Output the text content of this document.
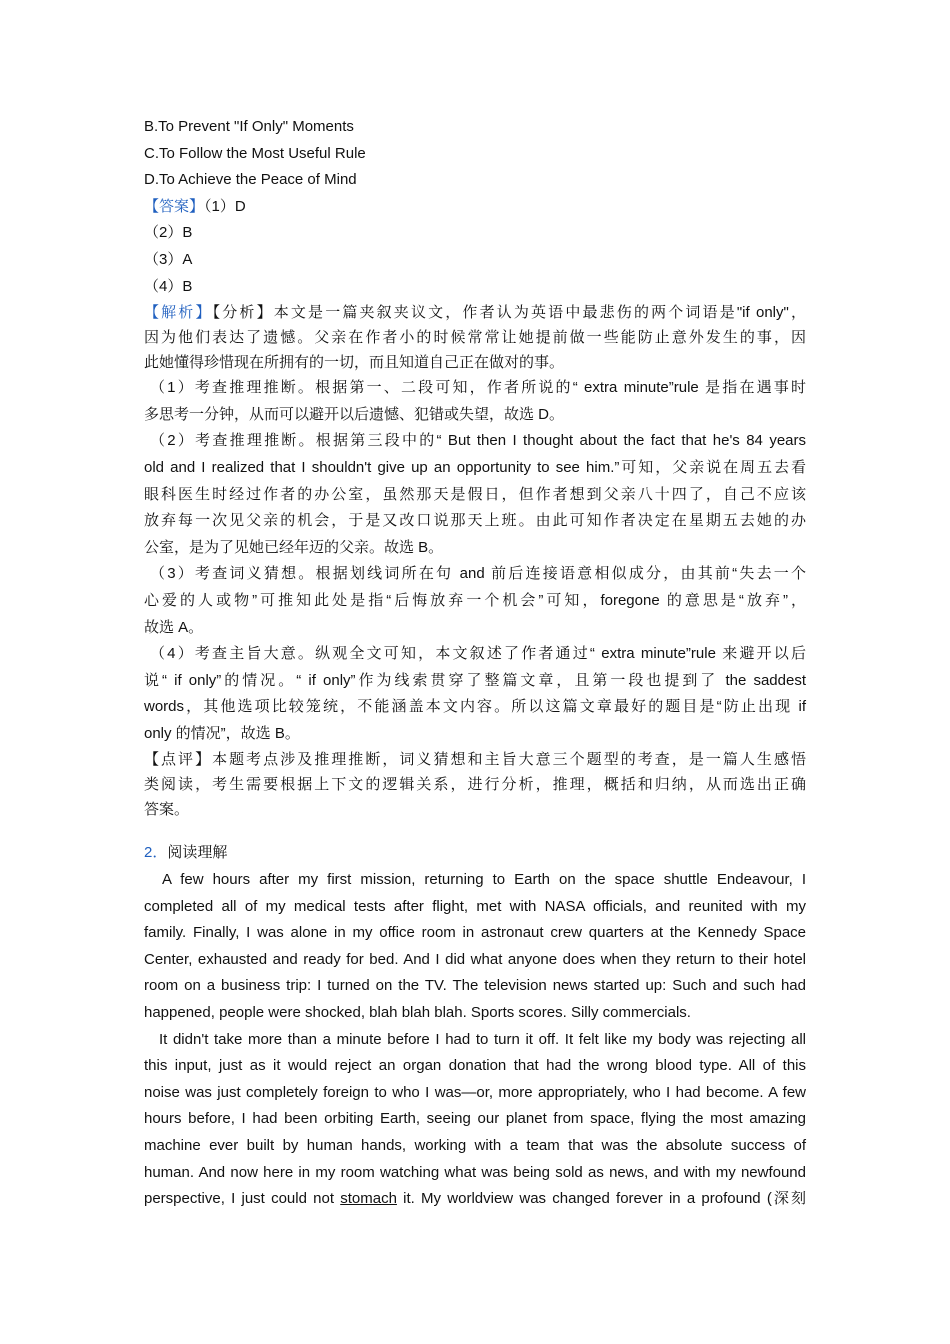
B.To Prevent "If Only" Moments
C.To Follow the Most Useful Rule
D.To Achieve the Peace of Mind
【答案】（1）D
（2）B
（3）A
（4）B
【解析】【分析】本文是一篇夹叙夹议文，作者认为英语中最悲伤的两个词语是"if only"，
因为他们表达了遗憾。父亲在作者小的时候常常让她提前做一些能防止意外发生的事，因
此她懂得珍惜现在所拥有的一切，而且知道自己正在做对的事。
（1）考查推理推断。根据第一、二段可知，作者所说的“ extra minute”rule 是指在遇事时
多思考一分钟，从而可以避开以后遗憾、犯错或失望，故选 D。
（2）考查推理推断。根据第三段中的“ But then I thought about the fact that he's 84 years
old and I realized that I shouldn't give up an opportunity to see him.”可知，父亲说在周五去看
眼科医生时经过作者的办公室，虽然那天是假日，但作者想到父亲八十四了，自己不应该
放弃每一次见父亲的机会，于是又改口说那天上班。由此可知作者决定在星期五去她的办
公室，是为了见她已经年迈的父亲。故选 B。
（3）考查词义猜想。根据划线词所在句 and 前后连接语意相似成分，由其前“失去一个
心爱的人或物”可推知此处是指“后悔放弃一个机会”可知，foregone 的意思是“放弃”，
故选 A。
（4）考查主旨大意。纵观全文可知，本文叙述了作者通过“ extra minute”rule 来避开以后
说“ if only”的情况。“ if only”作为线索贯穿了整篇文章，且第一段也提到了 the saddest
words，其他选项比较笼统，不能涵盖本文内容。所以这篇文章最好的题目是“防止出现 if
only 的情况”，故选 B。
【点评】本题考点涉及推理推断，词义猜想和主旨大意三个题型的考查，是一篇人生感悟
类阅读，考生需要根据上下文的逻辑关系，进行分析，推理，概括和归纳，从而选出正确
答案。
2．阅读理解
A few hours after my first mission, returning to Earth on the space shuttle Endeavour, I
completed all of my medical tests after flight, met with NASA officials, and reunited with my
family. Finally, I was alone in my office room in astronaut crew quarters at the Kennedy Space
Center, exhausted and ready for bed. And I did what anyone does when they return to their hotel
room on a business trip: I turned on the TV. The television news started up: Such and such had
happened, people were shocked, blah blah blah. Sports scores. Silly commercials.
It didn't take more than a minute before I had to turn it off. It felt like my body was rejecting all
this input, just as it would reject an organ donation that had the wrong blood type. All of this
noise was just completely foreign to who I was—or, more appropriately, who I had become. A few
hours before, I had been orbiting Earth, seeing our planet from space, flying the most amazing
machine ever built by human hands, working with a team that was the absolute success of
human. And now here in my room watching what was being sold as news, and with my newfound
perspective, I just could not stomach it. My worldview was changed forever in a profound (深刻
